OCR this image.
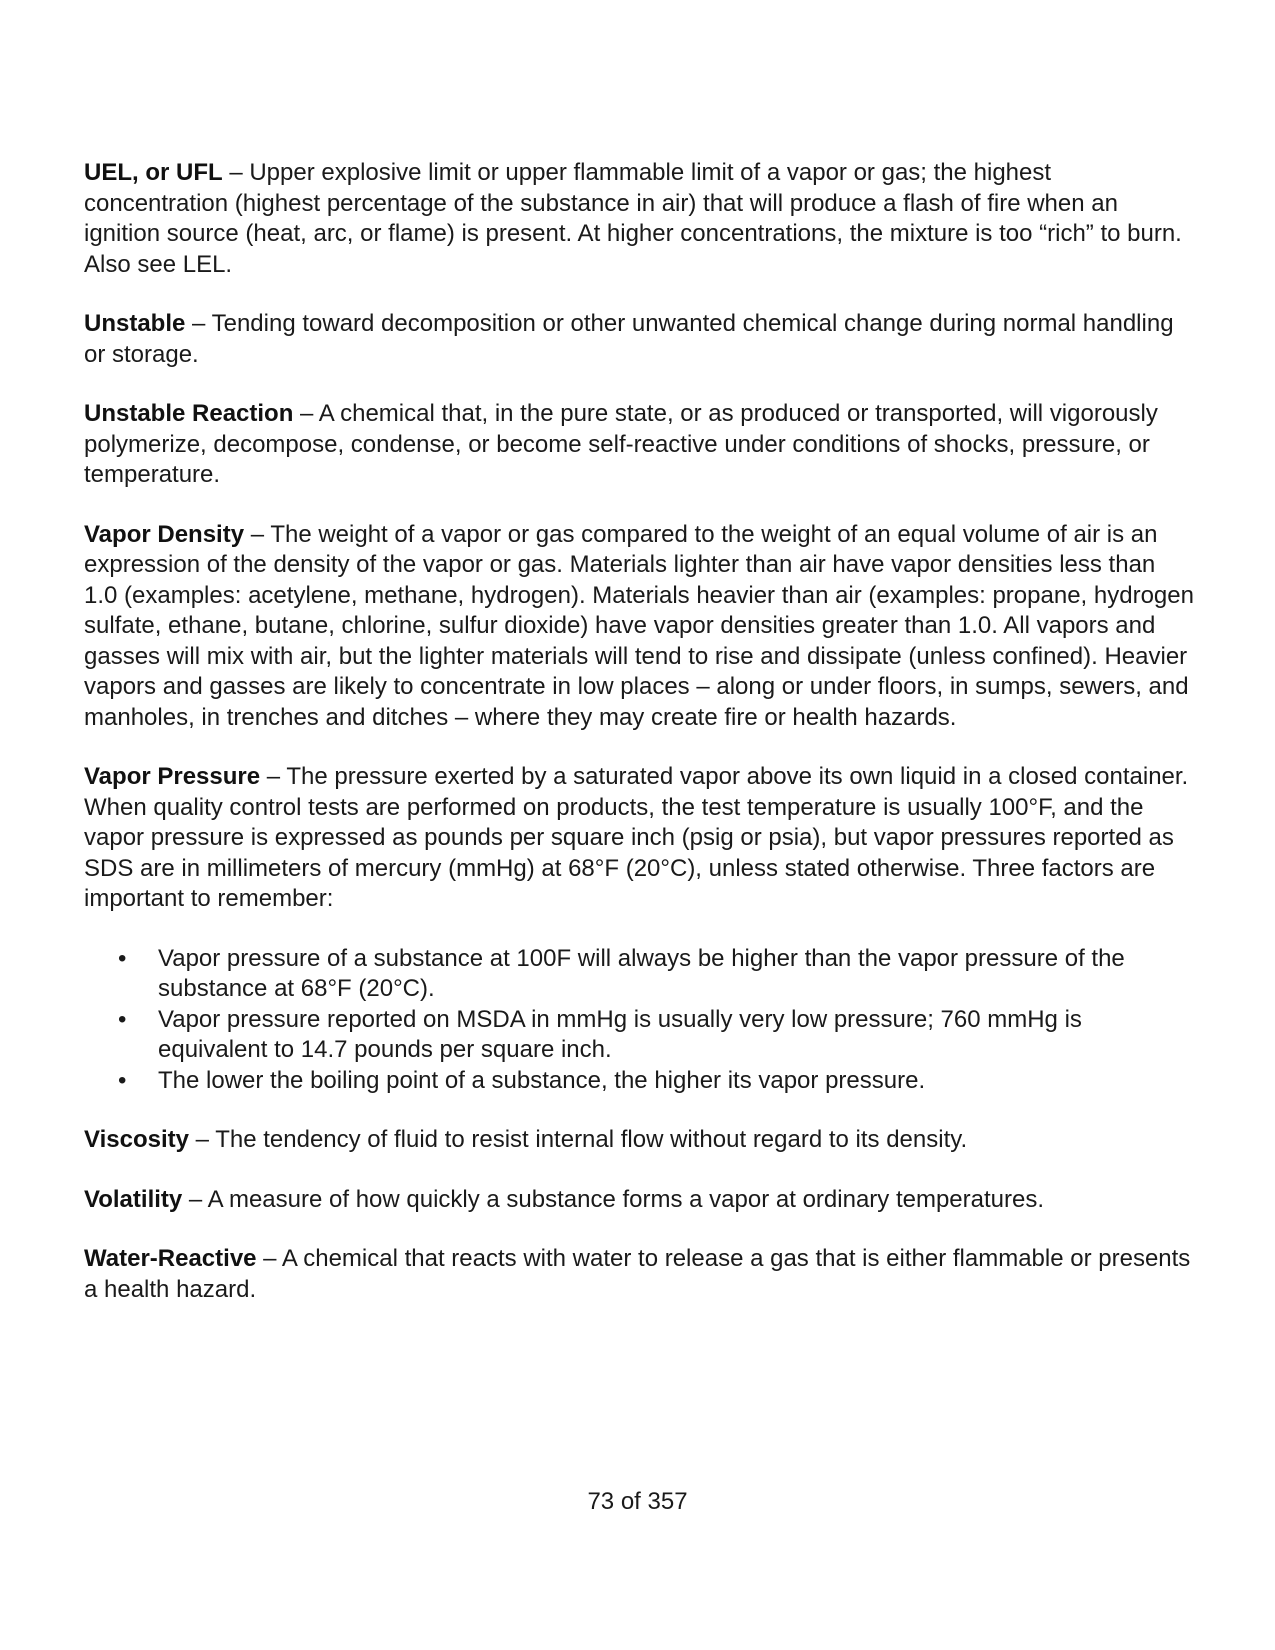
UEL, or UFL – Upper explosive limit or upper flammable limit of a vapor or gas; the highest concentration (highest percentage of the substance in air) that will produce a flash of fire when an ignition source (heat, arc, or flame) is present. At higher concentrations, the mixture is too “rich” to burn. Also see LEL.

Unstable – Tending toward decomposition or other unwanted chemical change during normal handling or storage.

Unstable Reaction – A chemical that, in the pure state, or as produced or transported, will vigorously polymerize, decompose, condense, or become self-reactive under conditions of shocks, pressure, or temperature.

Vapor Density – The weight of a vapor or gas compared to the weight of an equal volume of air is an expression of the density of the vapor or gas. Materials lighter than air have vapor densities less than 1.0 (examples: acetylene, methane, hydrogen). Materials heavier than air (examples: propane, hydrogen sulfate, ethane, butane, chlorine, sulfur dioxide) have vapor densities greater than 1.0. All vapors and gasses will mix with air, but the lighter materials will tend to rise and dissipate (unless confined). Heavier vapors and gasses are likely to concentrate in low places – along or under floors, in sumps, sewers, and manholes, in trenches and ditches – where they may create fire or health hazards.

Vapor Pressure – The pressure exerted by a saturated vapor above its own liquid in a closed container. When quality control tests are performed on products, the test temperature is usually 100°F, and the vapor pressure is expressed as pounds per square inch (psig or psia), but vapor pressures reported as SDS are in millimeters of mercury (mmHg) at 68°F (20°C), unless stated otherwise. Three factors are important to remember:

• Vapor pressure of a substance at 100F will always be higher than the vapor pressure of the substance at 68°F (20°C).
• Vapor pressure reported on MSDA in mmHg is usually very low pressure; 760 mmHg is equivalent to 14.7 pounds per square inch.
• The lower the boiling point of a substance, the higher its vapor pressure.

Viscosity – The tendency of fluid to resist internal flow without regard to its density.

Volatility – A measure of how quickly a substance forms a vapor at ordinary temperatures.

Water-Reactive – A chemical that reacts with water to release a gas that is either flammable or presents a health hazard.

73 of 357
